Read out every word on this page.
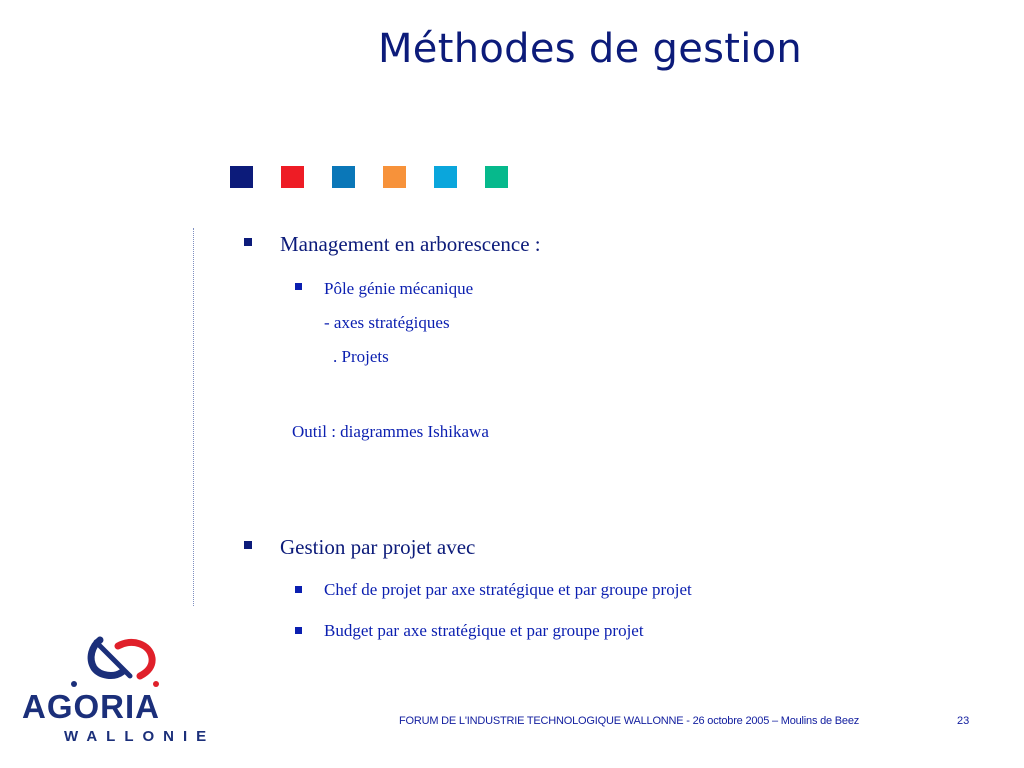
Méthodes de gestion
Management en arborescence :
Pôle génie mécanique
- axes stratégiques
. Projets
Outil : diagrammes Ishikawa
Gestion par projet avec
Chef de projet par axe stratégique et par groupe projet
Budget par axe stratégique et par groupe projet
AGORIA
WALLONIE
FORUM DE L'INDUSTRIE TECHNOLOGIQUE WALLONNE - 26 octobre 2005 – Moulins de Beez	23
